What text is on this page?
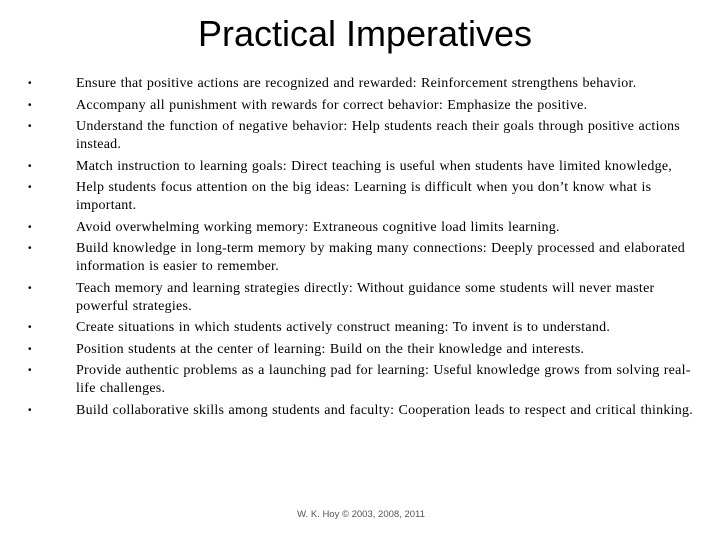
Practical Imperatives
•	Ensure that positive actions are recognized and rewarded: Reinforcement strengthens behavior.
•	Accompany all punishment with rewards for correct behavior: Emphasize the positive.
•	Understand the function of negative behavior: Help students reach their goals through positive actions instead.
•	Match instruction to learning goals: Direct teaching is useful when students have limited knowledge,
•	Help students focus attention on the big ideas: Learning is difficult when you don’t know what is important.
•	Avoid overwhelming working memory: Extraneous cognitive load limits learning.
•	Build knowledge in long-term memory by making many connections: Deeply processed and elaborated information is easier to remember.
•	Teach memory and learning strategies directly: Without guidance some students will never master powerful strategies.
•	Create situations in which students actively construct meaning: To invent is to understand.
•	Position students at the center of learning: Build on the their knowledge and interests.
•	Provide authentic problems as a launching pad for learning: Useful knowledge grows from solving real-life challenges.
•	Build collaborative skills among students and faculty: Cooperation leads to respect and critical thinking.
W. K. Hoy © 2003, 2008, 2011
